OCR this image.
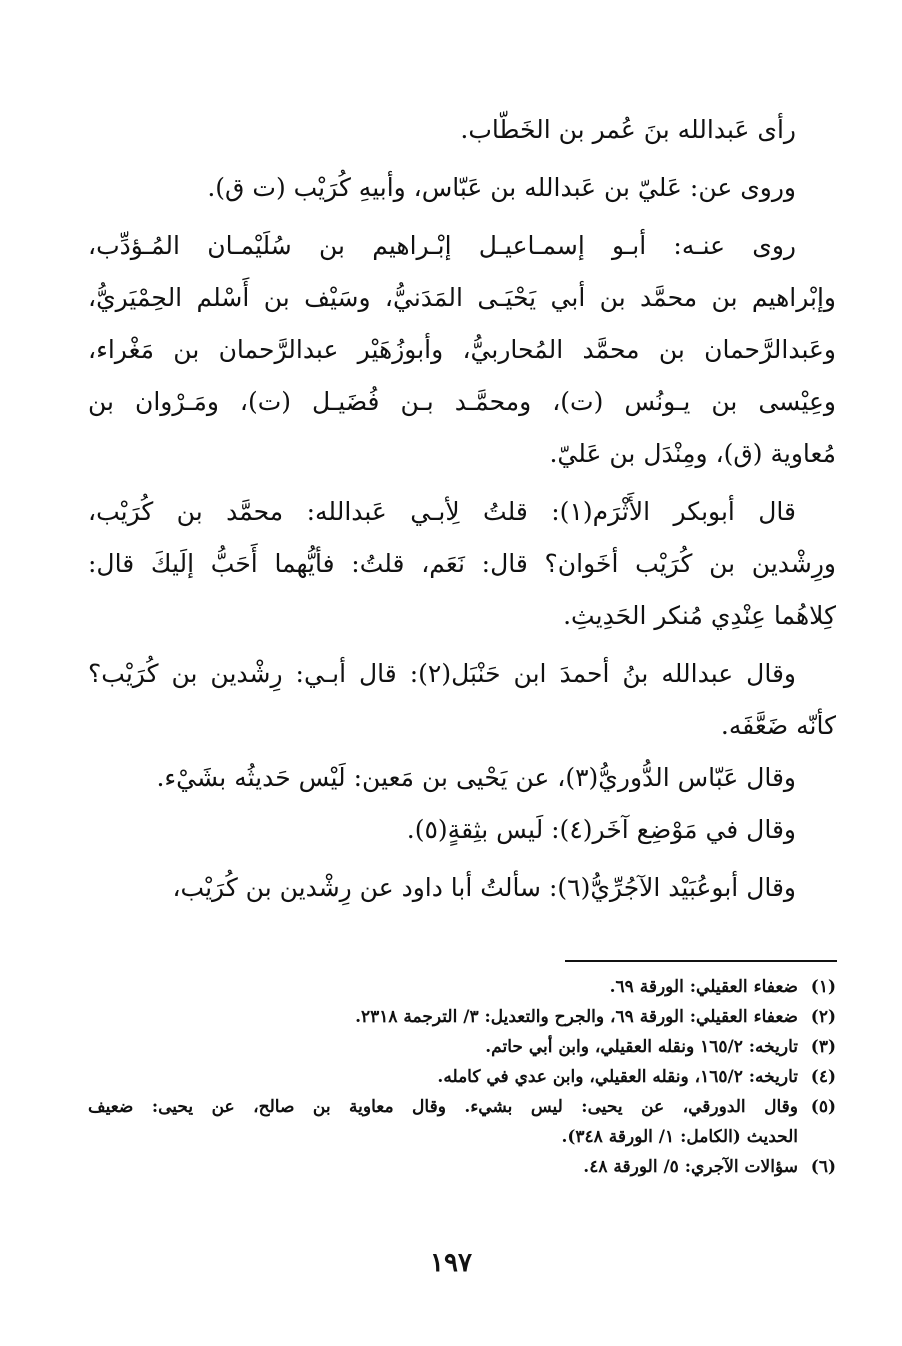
رأى عَبدالله بنَ عُمر بن الخَطّاب.
وروى عن: عَليّ بن عَبدالله بن عَبّاس، وأبيهِ كُرَيْب (ت ق).
روى عنـه: أبـو إسمـاعيـل إبْـراهيم بن سُلَيْمـان المُـؤدِّب،
وإبْراهيم بن محمَّد بن أبي يَحْيَـى المَدَنيُّ، وسَيْف بن أَسْلم الحِمْيَريُّ،
وعَبدالرَّحمان بن محمَّد المُحاربيُّ، وأبوزُهَيْر عبدالرَّحمان بن مَغْراء،
وعِيْسى بن يـونُس (ت)، ومحمَّـد بـن فُضَيـل (ت)، ومَـرْوان بن
مُعاوية (ق)، ومِنْدَل بن عَليّ.
قال أبوبكر الأَثْرَم(١): قلتُ لِأبـي عَبدالله: محمَّد بن كُرَيْب،
ورِشْدين بن كُرَيْب أخَوان؟ قال: نَعَم، قلتُ: فأيُّهما أَحَبُّ إلَيكَ قال:
كِلاهُما عِنْدِي مُنكر الحَدِيثِ.
وقال عبدالله بنُ أحمدَ ابن حَنْبَل(٢): قال أبـي: رِشْدين بن كُرَيْب؟
كأنّه ضَعَّفَه.
وقال عَبّاس الدُّوريُّ(٣)، عن يَحْيى بن مَعين: لَيْس حَديثُه بشَيْء.
وقال في مَوْضِع آخَر(٤): لَيس بثِقةٍ(٥).
وقال أبوعُبَيْد الآجُرِّيُّ(٦): سألتُ أبا داود عن رِشْدين بن كُرَيْب،
(١)
ضعفاء العقيلي: الورقة ٦٩.
(٢)
ضعفاء العقيلي: الورقة ٦٩، والجرح والتعديل: ٣/ الترجمة ٢٣١٨.
(٣)
تاريخه: ١٦٥/٢ ونقله العقيلي، وابن أبي حاتم.
(٤)
تاريخه: ١٦٥/٢، ونقله العقيلي، وابن عدي في كامله.
(٥)
وقال الدورقي، عن يحيى: ليس بشيء. وقال معاوية بن صالح، عن يحيى: ضعيف
الحديث (الكامل: ١/ الورقة ٣٤٨).
(٦)
سؤالات الآجري: ٥/ الورقة ٤٨.
١٩٧
